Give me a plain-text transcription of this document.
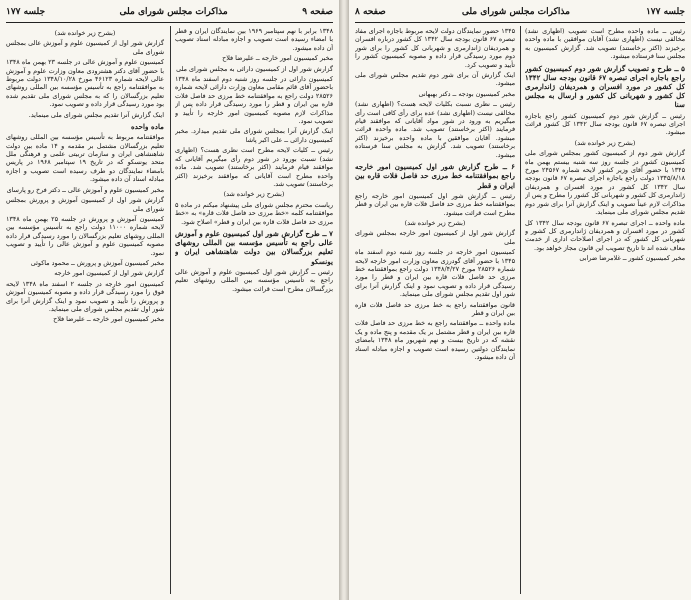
صفحه ۹
مذاکرات مجلس شورای ملی
جلسه ۱۷۷

۱۳۴۸ برابر با نهم سپتامبر ۱۹۶۹ بین نمایندگان ایران و قطر با امضاء رسیده است تصویب و اجازه مبادله اسناد تصویب آن داده میشود.

مخبر کمیسیون امور خارجه ــ علیرضا فلاح

گزارش شور اول از کمیسیون دارائی به مجلس شورای ملی

کمیسیون دارائی در جلسه روز شنبه دوم اسفند ماه ۱۳۴۸ باحضور آقای قائم مقامی معاون وزارت دارائی لایحه شماره ۲۸۵۲۶ دولت راجع به موافقتنامه خط مرزی حد فاصل فلات قاره بین ایران و قطر را مورد رسیدگی قرار داده پس از مذاکرات لازم مصوبه کمیسیون امور خارجه را تأیید و تصویب نمود.

اینک گزارش آنرا بمجلس شورای ملی تقدیم میدارد. مخبر کمیسیون دارائی ــ علی اکبر پاشا

رئیس ــ کلیات لایحه مطرح است نظری هست؟ (اظهاری نشد) نسبت بورود در شور دوم رأی میگیریم آقایانی که موافقند قیام فرمایند (اکثر برخاستند) تصویب شد. ماده واحده مطرح است آقایانی که موافقند برخیزند (اکثر برخاستند) تصویب شد.

(بشرح زیر خوانده شد)

ریاست محترم مجلس شورای ملی پیشنهاد میکنم در ماده ۵ موافقتنامه کلمه «خط مرزی حد فاصل فلات قاره» به «خط مرزی حد فاصل فلات قاره بین ایران و قطر» اصلاح شود.

۷ ــ طرح گزارش شور اول کمیسیون علوم و آموزش عالی راجع به تأسیس مؤسسه بین المللی روشهای تعلیم بزرگسالان بین دولت شاهنشاهی ایران و یونسکو

رئیس ــ گزارش شور اول کمیسیون علوم و آموزش عالی راجع به تأسیس مؤسسه بین المللی روشهای تعلیم بزرگسالان مطرح است قرائت میشود.

(بشرح زیر خوانده شد)

گزارش شور اول از کمیسیون علوم و آموزش عالی بمجلس شورای ملی

کمیسیون علوم و آموزش عالی در جلسه ۲۳ بهمن ماه ۱۳۴۸ با حضور آقای دکتر هشترودی معاون وزارت علوم و آموزش عالی لایحه شماره ۴۶۱۲۳ مورخ ۱۳۴۸/۱۰/۲۸ دولت مربوط به موافقتنامه راجع به تأسیس مؤسسه بین المللی روشهای تعلیم بزرگسالان را که به مجلس شورای ملی تقدیم شده بود مورد رسیدگی قرار داده و تصویب نمود.

اینک گزارش آنرا تقدیم مجلس شورای ملی مینماید.

ماده واحده

موافقتنامه مربوط به تأسیس مؤسسه بین المللی روشهای تعلیم بزرگسالان مشتمل بر مقدمه و ۱۴ ماده بین دولت شاهنشاهی ایران و سازمان تربیتی علمی و فرهنگی ملل متحد یونسکو که در تاریخ ۱۹ سپتامبر ۱۹۶۸ در پاریس بامضاء نمایندگان دو طرف رسیده است تصویب و اجازه مبادله اسناد آن داده میشود.

مخبر کمیسیون علوم و آموزش عالی ــ دکتر فرخ رو پارسای

گزارش شور اول از کمیسیون آموزش و پرورش بمجلس شورای ملی

کمیسیون آموزش و پرورش در جلسه ۲۵ بهمن ماه ۱۳۴۸ لایحه شماره ۱۱۰۰۰ دولت راجع به تأسیس مؤسسه بین المللی روشهای تعلیم بزرگسالان را مورد رسیدگی قرار داده مصوبه کمیسیون علوم و آموزش عالی را تأیید و تصویب نمود.

مخبر کمیسیون آموزش و پرورش ــ محمود ماکوئی

گزارش شور اول از کمیسیون امور خارجه

کمیسیون امور خارجه در جلسه ۲ اسفند ماه ۱۳۴۸ لایحه فوق را مورد رسیدگی قرار داده و مصوبه کمیسیون آموزش و پرورش را تأیید و تصویب نمود و اینک گزارش آنرا برای شور اول تقدیم مجلس شورای ملی مینماید.

مخبر کمیسیون امور خارجه ــ علیرضا فلاح

جلسه ۱۷۷
مذاکرات مجلس شورای ملی
صفحه ۸

رئیس ــ ماده واحده مطرح است تصویب (اظهاری نشد) مخالفی نیست (اظهاری نشد) آقایان موافقین با ماده واحده برخیزند (اکثر برخاستند) تصویب شد. گزارش کمیسیون به مجلس سنا فرستاده میشود.

۵ ــ طرح و تصویب گزارش شور دوم کمیسیون کشور راجع باجازه اجرای تبصره ۶۷ قانون بودجه سال ۱۳۴۲ کل کشور در مورد افسران و همردیفان ژاندارمری کل کشور و شهربانی کل کشور و ارسال به مجلس سنا

رئیس ــ گزارش شور دوم کمیسیون کشور راجع باجازه اجرای تبصره ۶۷ قانون بودجه سال ۱۳۴۲ کل کشور قرائت میشود.

(بشرح زیر خوانده شد)

گزارش شور دوم از کمیسیون کشور بمجلس شورای ملی کمیسیون کشور در جلسه روز سه شنبه بیستم بهمن ماه ۱۳۴۵ با حضور آقای وزیر کشور لایحه شماره ۲۴۵۶۷ مورخ ۱۳۴۵/۸/۱۸ دولت راجع باجازه اجرای تبصره ۶۷ قانون بودجه سال ۱۳۴۲ کل کشور در مورد افسران و همردیفان ژاندارمری کل کشور و شهربانی کل کشور را مطرح و پس از مذاکرات لازم عیناً تصویب و اینک گزارش آنرا برای شور دوم تقدیم مجلس شورای ملی مینماید.

ماده واحده ــ اجرای تبصره ۶۷ قانون بودجه سال ۱۳۴۲ کل کشور در مورد افسران و همردیفان ژاندارمری کل کشور و شهربانی کل کشور که در اجرای اصلاحات اداری از خدمت معاف شده اند تا تاریخ تصویب این قانون مجاز خواهد بود.

مخبر کمیسیون کشور ــ غلامرضا ضرابی

۱۳۴۵ حضور نمایندگان دولت لایحه مربوط باجازه اجرای مفاد تبصره ۶۷ قانون بودجه سال ۱۳۴۲ کل کشور درباره افسران و همردیفان ژاندارمری و شهربانی کل کشور را برای شور دوم مورد رسیدگی قرار داده و مصوبه کمیسیون کشور را تأیید و تصویب کرد.

اینک گزارش آن برای شور دوم تقدیم مجلس شورای ملی میشود.

مخبر کمیسیون بودجه ــ دکتر بهبهانی

رئیس ــ نظری نسبت بکلیات لایحه هست؟ (اظهاری نشد) مخالفی نیست (اظهاری نشد) عده برای رأی کافی است رأی میگیریم به ورود در شور مواد آقایانی که موافقند قیام فرمایند (اکثر برخاستند) تصویب شد. ماده واحده قرائت میشود. آقایان موافقین با ماده واحده برخیزند (اکثر برخاستند) تصویب شد. گزارش به مجلس سنا فرستاده میشود.

۶ ــ طرح گزارش شور اول کمیسیون امور خارجه راجع بموافقتنامه خط مرزی حد فاصل فلات قاره بین ایران و قطر

رئیس ــ گزارش شور اول کمیسیون امور خارجه راجع بموافقتنامه خط مرزی حد فاصل فلات قاره بین ایران و قطر مطرح است قرائت میشود.

(بشرح زیر خوانده شد)

گزارش شور اول از کمیسیون امور خارجه بمجلس شورای ملی

کمیسیون امور خارجه در جلسه روز شنبه دوم اسفند ماه ۱۳۴۵ با حضور آقای گودرزی معاون وزارت امور خارجه لایحه شماره ۲۸۵۲۶ مورخ ۱۳۴۸/۴/۲۷ دولت راجع بموافقتنامه خط مرزی حد فاصل فلات قاره بین ایران و قطر را مورد رسیدگی قرار داده و تصویب نمود و اینک گزارش آنرا برای شور اول تقدیم مجلس شورای ملی مینماید.

قانون موافقتنامه راجع به خط مرزی حد فاصل فلات قاره بین ایران و قطر

ماده واحده ــ موافقتنامه راجع به خط مرزی حد فاصل فلات قاره بین ایران و قطر مشتمل بر یک مقدمه و پنج ماده و یک نقشه که در تاریخ بیست و نهم شهریور ماه ۱۳۴۸ بامضای نمایندگان دولتین رسیده است تصویب و اجازه مبادله اسناد آن داده میشود.
